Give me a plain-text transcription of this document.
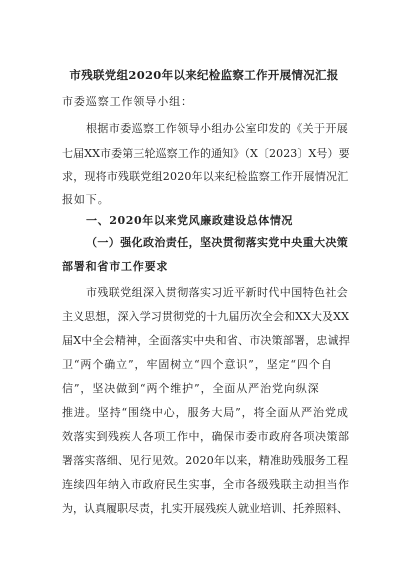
市残联党组2020年以来纪检监察工作开展情况汇报
市委巡察工作领导小组：
根据市委巡察工作领导小组办公室印发的《关于开展
七届XX市委第三轮巡察工作的通知》（X〔2023〕X号）要
求，现将市残联党组2020年以来纪检监察工作开展情况汇
报如下。
一、2020年以来党风廉政建设总体情况
（一）强化政治责任，坚决贯彻落实党中央重大决策
部署和省市工作要求
市残联党组深入贯彻落实习近平新时代中国特色社会
主义思想，深入学习贯彻党的十九届历次全会和XX大及XX
届X中全会精神，全面落实中央和省、市决策部署，忠诚捍
卫“两个确立”，牢固树立“四个意识”，坚定“四个自
信”，坚决做到“两个维护”，全面从严治党向纵深
推进。坚持“围绕中心，服务大局”，将全面从严治党成
效落实到残疾人各项工作中，确保市委市政府各项决策部
署落实落细、见行见效。2020年以来，精准助残服务工程
连续四年纳入市政府民生实事，全市各级残联主动担当作
为，认真履职尽责，扎实开展残疾人就业培训、托养照料、
